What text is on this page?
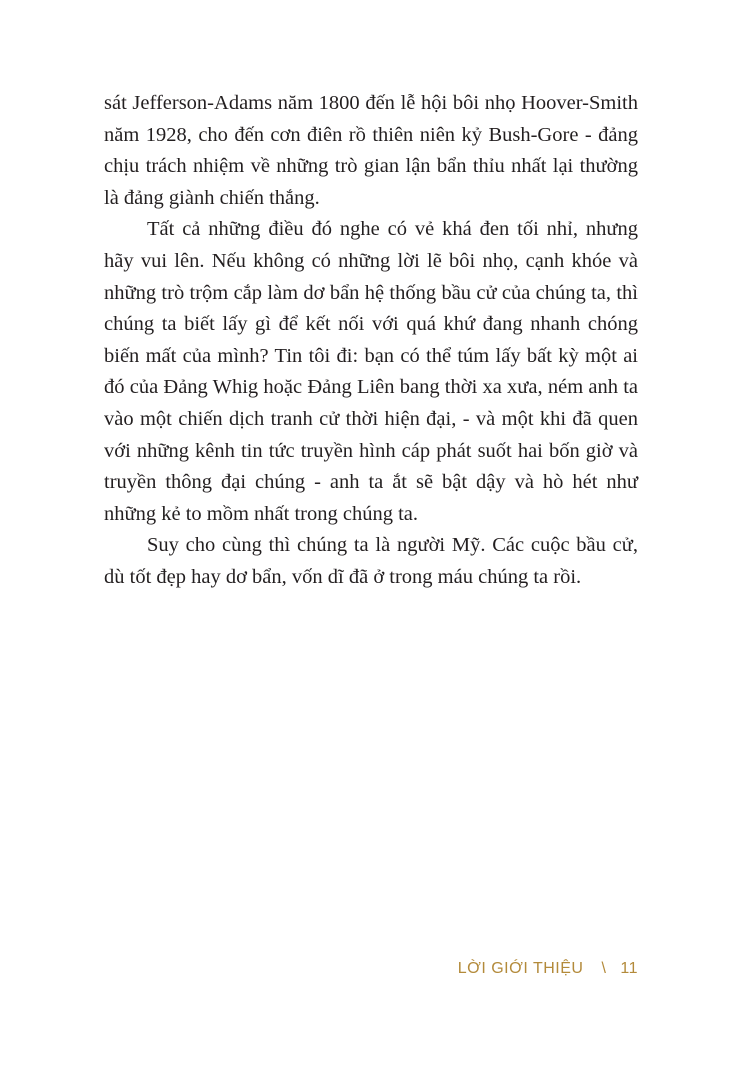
sát Jefferson-Adams năm 1800 đến lễ hội bôi nhọ Hoover-Smith năm 1928, cho đến cơn điên rồ thiên niên kỷ Bush-Gore - đảng chịu trách nhiệm về những trò gian lận bẩn thỉu nhất lại thường là đảng giành chiến thắng.

Tất cả những điều đó nghe có vẻ khá đen tối nhỉ, nhưng hãy vui lên. Nếu không có những lời lẽ bôi nhọ, cạnh khóe và những trò trộm cắp làm dơ bẩn hệ thống bầu cử của chúng ta, thì chúng ta biết lấy gì để kết nối với quá khứ đang nhanh chóng biến mất của mình? Tin tôi đi: bạn có thể túm lấy bất kỳ một ai đó của Đảng Whig hoặc Đảng Liên bang thời xa xưa, ném anh ta vào một chiến dịch tranh cử thời hiện đại, - và một khi đã quen với những kênh tin tức truyền hình cáp phát suốt hai bốn giờ và truyền thông đại chúng - anh ta ắt sẽ bật dậy và hò hét như những kẻ to mồm nhất trong chúng ta.

Suy cho cùng thì chúng ta là người Mỹ. Các cuộc bầu cử, dù tốt đẹp hay dơ bẩn, vốn dĩ đã ở trong máu chúng ta rồi.

LỜI GIỚI THIỆU \ 11
